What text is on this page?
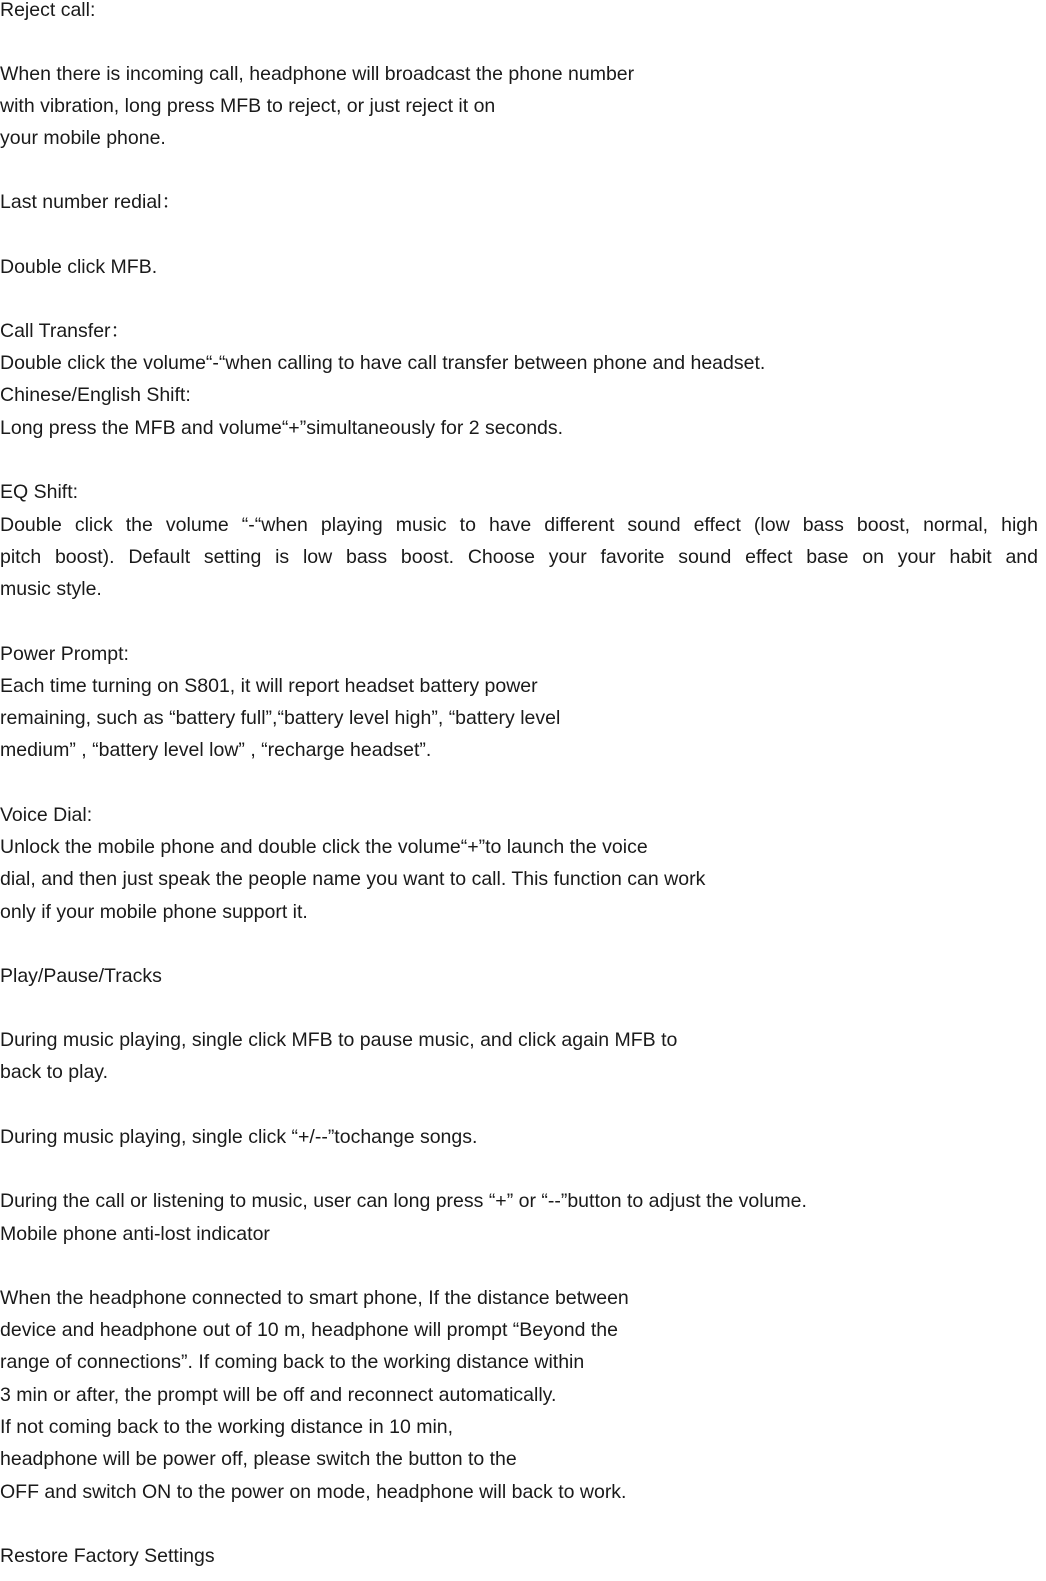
Reject call:

When there is incoming call, headphone will broadcast the phone number

with vibration, long press MFB to reject, or just reject it on

your mobile phone.

Last number redial：

Double click MFB.

Call Transfer：

Double click the volume“-“when calling to have call transfer between phone and headset.

Chinese/English Shift:

Long press the MFB and volume“+”simultaneously for 2 seconds.

EQ Shift:

Double click the volume “-“when playing music to have different sound effect (low bass boost, normal, high

pitch boost). Default setting is low bass boost. Choose your favorite sound effect base on your habit and

music style.

Power Prompt:

Each time turning on S801, it will report headset battery power

remaining, such as “battery full”,“battery level high”, “battery level

medium” , “battery level low” , “recharge headset”.

Voice Dial:

Unlock the mobile phone and double click the volume“+”to launch the voice

dial, and then just speak the people name you want to call. This function can work

only if your mobile phone support it.

Play/Pause/Tracks

During music playing, single click MFB to pause music, and click again MFB to

back to play.

During music playing, single click “+/--”tochange songs.

During the call or listening to music, user can long press “+” or “--”button to adjust the volume.

Mobile phone anti-lost indicator

When the headphone connected to smart phone, If the distance between

device and headphone out of 10 m, headphone will prompt “Beyond the

range of connections”. If coming back to the working distance within

3 min or after, the prompt will be off and reconnect automatically.

If not coming back to the working distance in 10 min,

headphone will be power off, please switch the button to the

OFF and switch ON to the power on mode, headphone will back to work.

Restore Factory Settings
